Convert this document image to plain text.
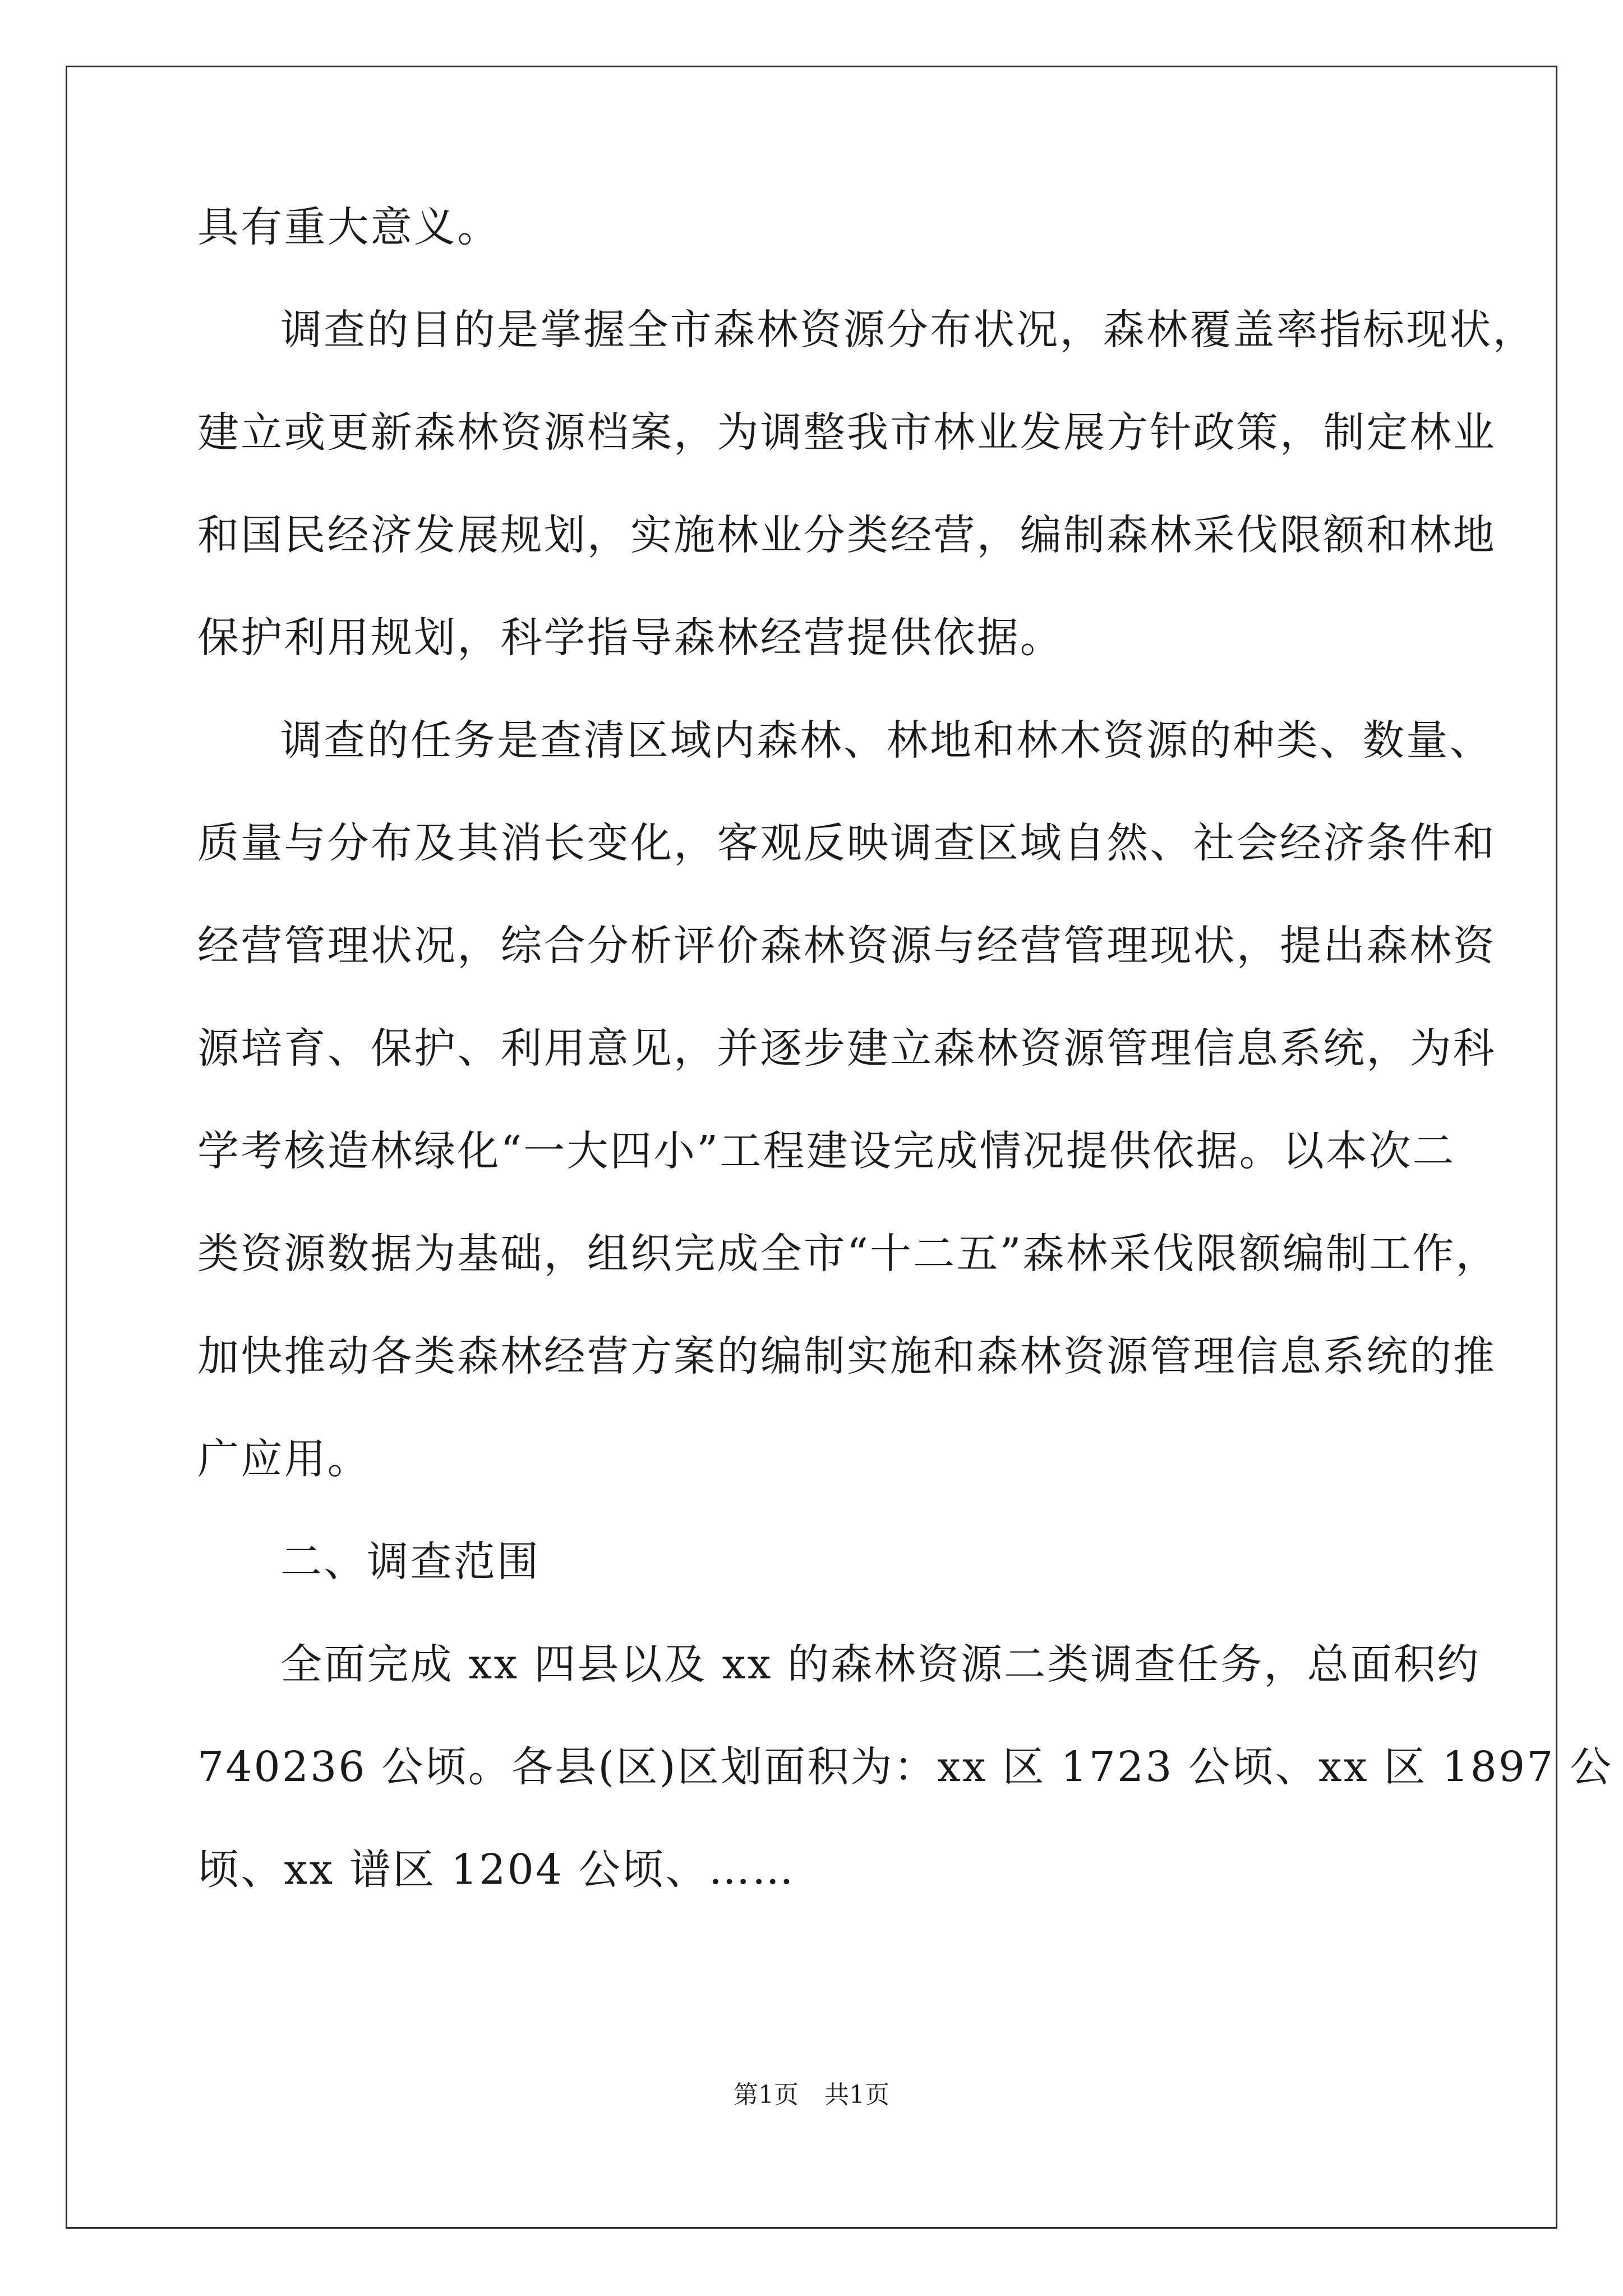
具有重大意义。
调查的目的是掌握全市森林资源分布状况，森林覆盖率指标现状，
建立或更新森林资源档案，为调整我市林业发展方针政策，制定林业
和国民经济发展规划，实施林业分类经营，编制森林采伐限额和林地
保护利用规划，科学指导森林经营提供依据。
调查的任务是查清区域内森林、林地和林木资源的种类、数量、
质量与分布及其消长变化，客观反映调查区域自然、社会经济条件和
经营管理状况，综合分析评价森林资源与经营管理现状，提出森林资
源培育、保护、利用意见，并逐步建立森林资源管理信息系统，为科
学考核造林绿化“一大四小”工程建设完成情况提供依据。以本次二
类资源数据为基础，组织完成全市“十二五”森林采伐限额编制工作，
加快推动各类森林经营方案的编制实施和森林资源管理信息系统的推
广应用。
二、调查范围
全面完成 xx 四县以及 xx 的森林资源二类调查任务，总面积约
740236 公顷。各县(区)区划面积为：xx 区 1723 公顷、xx 区 1897 公
顷、xx 谱区 1204 公顷、……
第1页 共1页
